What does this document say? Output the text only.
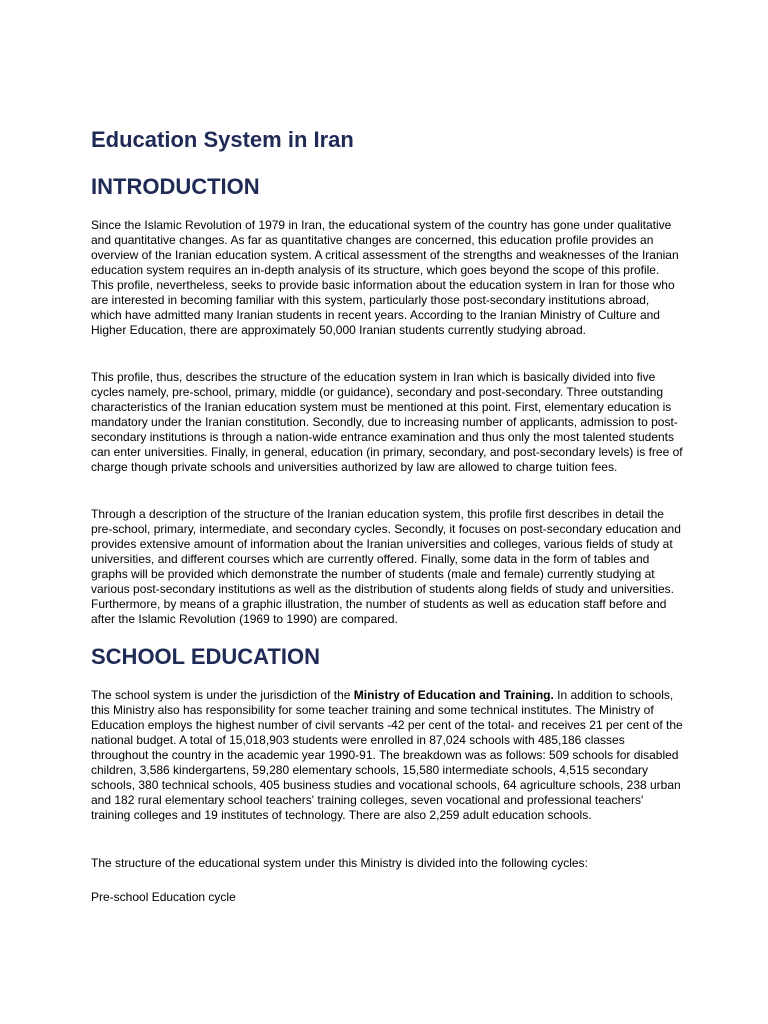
Education System in Iran
INTRODUCTION

Since the Islamic Revolution of 1979 in Iran, the educational system of the country has gone under qualitative and quantitative changes. As far as quantitative changes are concerned, this education profile provides an overview of the Iranian education system. A critical assessment of the strengths and weaknesses of the Iranian education system requires an in-depth analysis of its structure, which goes beyond the scope of this profile. This profile, nevertheless, seeks to provide basic information about the education system in Iran for those who are interested in becoming familiar with this system, particularly those post-secondary institutions abroad, which have admitted many Iranian students in recent years. According to the Iranian Ministry of Culture and Higher Education, there are approximately 50,000 Iranian students currently studying abroad.

This profile, thus, describes the structure of the education system in Iran which is basically divided into five cycles namely, pre-school, primary, middle (or guidance), secondary and post-secondary. Three outstanding characteristics of the Iranian education system must be mentioned at this point. First, elementary education is mandatory under the Iranian constitution. Secondly, due to increasing number of applicants, admission to post-secondary institutions is through a nation-wide entrance examination and thus only the most talented students can enter universities. Finally, in general, education (in primary, secondary, and post-secondary levels) is free of charge though private schools and universities authorized by law are allowed to charge tuition fees.

Through a description of the structure of the Iranian education system, this profile first describes in detail the pre-school, primary, intermediate, and secondary cycles. Secondly, it focuses on post-secondary education and provides extensive amount of information about the Iranian universities and colleges, various fields of study at universities, and different courses which are currently offered. Finally, some data in the form of tables and graphs will be provided which demonstrate the number of students (male and female) currently studying at various post-secondary institutions as well as the distribution of students along fields of study and universities. Furthermore, by means of a graphic illustration, the number of students as well as education staff before and after the Islamic Revolution (1969 to 1990) are compared.

SCHOOL EDUCATION

The school system is under the jurisdiction of the Ministry of Education and Training. In addition to schools, this Ministry also has responsibility for some teacher training and some technical institutes. The Ministry of Education employs the highest number of civil servants -42 per cent of the total- and receives 21 per cent of the national budget. A total of 15,018,903 students were enrolled in 87,024 schools with 485,186 classes throughout the country in the academic year 1990-91. The breakdown was as follows: 509 schools for disabled children, 3,586 kindergartens, 59,280 elementary schools, 15,580 intermediate schools, 4,515 secondary schools, 380 technical schools, 405 business studies and vocational schools, 64 agriculture schools, 238 urban and 182 rural elementary school teachers' training colleges, seven vocational and professional teachers' training colleges and 19 institutes of technology. There are also 2,259 adult education schools.

The structure of the educational system under this Ministry is divided into the following cycles:

Pre-school Education cycle
